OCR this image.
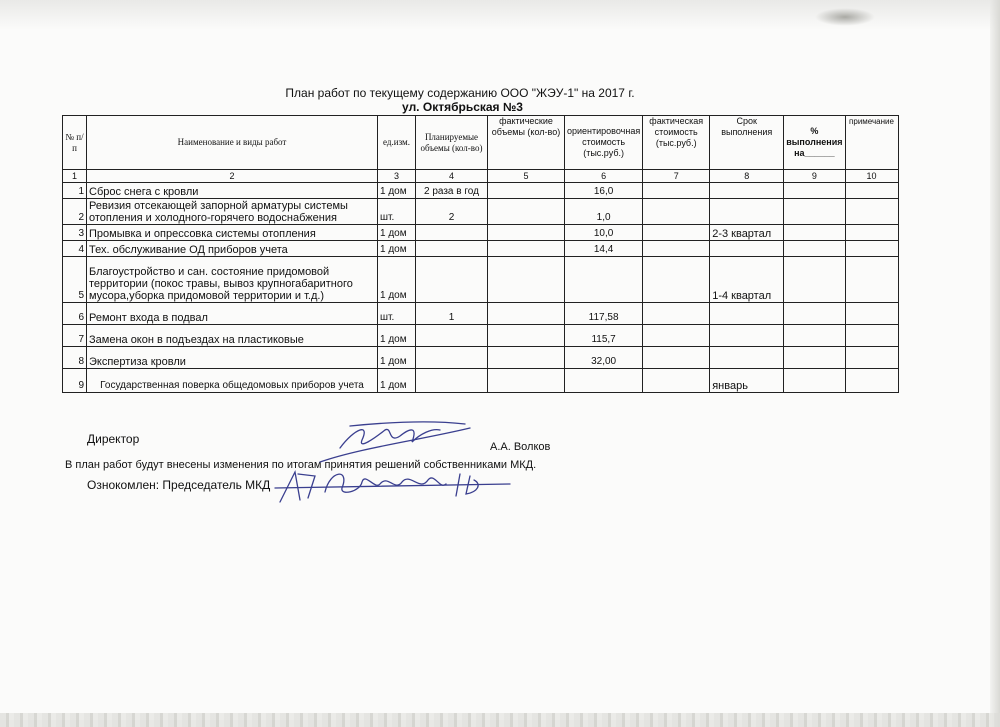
План работ по текущему содержанию ООО "ЖЭУ-1" на 2017 г.
ул. Октябрьская №3
№ п/п	Наименование и виды работ	ед.изм.	Планируемые объемы (кол-во)	фактические объемы (кол-во)	ориентировочная стоимость (тыс.руб.)	фактическая стоимость (тыс.руб.)	Срок выполнения	% выполнения на______	примечание
1	2	3	4	5	6	7	8	9	10
1	Сброс снега с кровли	1 дом	2 раза в год		16,0				
2	Ревизия отсекающей запорной арматуры системы отопления и холодного-горячего водоснабжения	шт.	2		1,0				
3	Промывка и опрессовка системы отопления	1 дом			10,0		2-3 квартал		
4	Тех. обслуживание ОД приборов учета	1 дом			14,4				
5	Благоустройство и сан. состояние придомовой территории (покос травы, вывоз крупногабаритного мусора,уборка придомовой территории и т.д.)	1 дом					1-4 квартал		
6	Ремонт входа в подвал	шт.	1		117,58				
7	Замена окон в подъездах на пластиковые	1 дом			115,7				
8	Экспертиза кровли	1 дом			32,00				
9	Государственная поверка общедомовых приборов учета	1 дом					январь		
Директор
А.А. Волков
В план работ будут внесены изменения по итогам принятия решений собственниками МКД.
Ознокомлен: Председатель МКД
